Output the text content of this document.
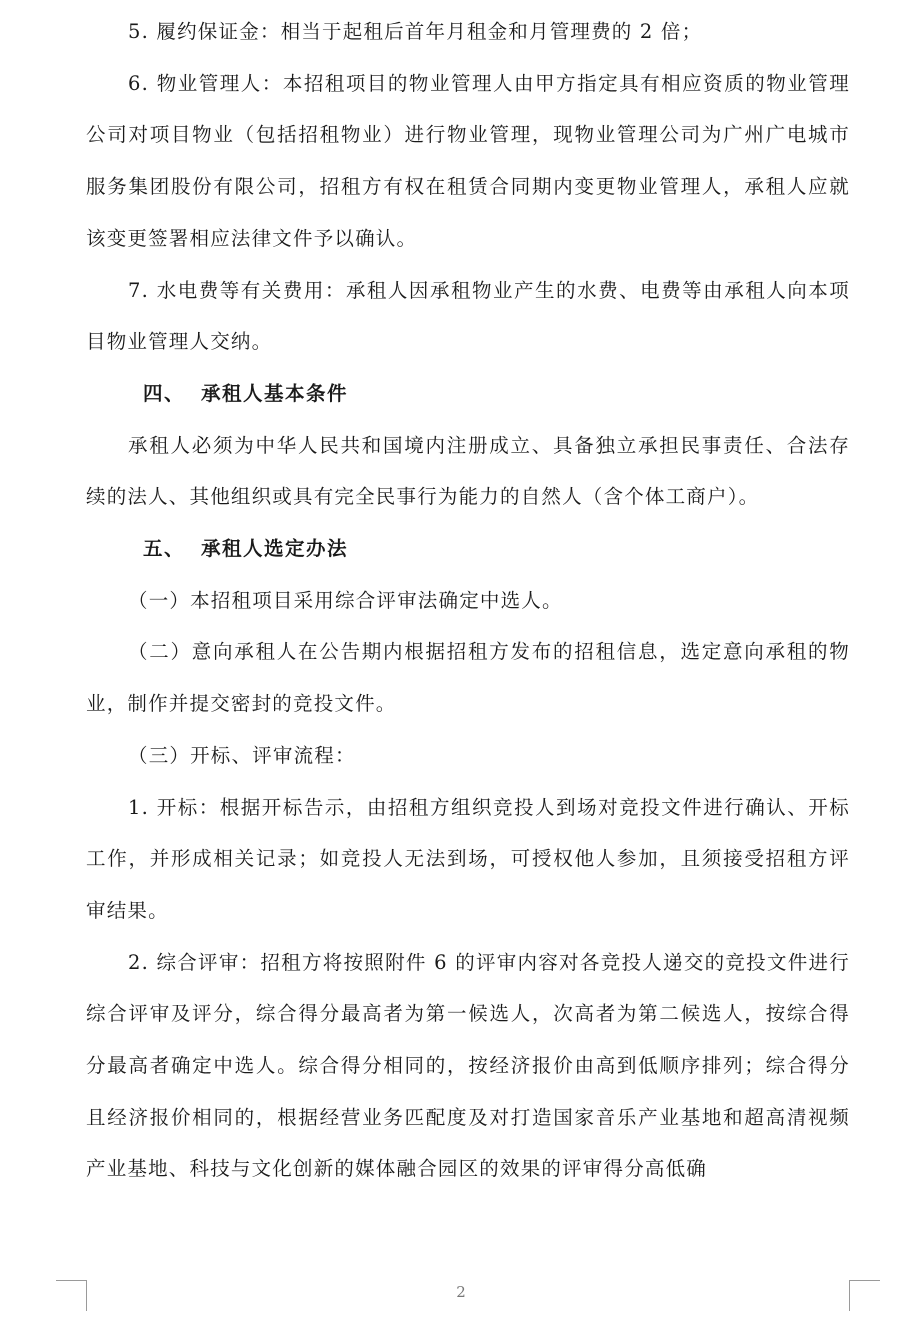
5. 履约保证金：相当于起租后首年月租金和月管理费的 2 倍；

6. 物业管理人：本招租项目的物业管理人由甲方指定具有相应资质的物业管理公司对项目物业（包括招租物业）进行物业管理，现物业管理公司为广州广电城市服务集团股份有限公司，招租方有权在租赁合同期内变更物业管理人，承租人应就该变更签署相应法律文件予以确认。

7. 水电费等有关费用：承租人因承租物业产生的水费、电费等由承租人向本项目物业管理人交纳。

四、 承租人基本条件

承租人必须为中华人民共和国境内注册成立、具备独立承担民事责任、合法存续的法人、其他组织或具有完全民事行为能力的自然人（含个体工商户）。

五、 承租人选定办法

（一）本招租项目采用综合评审法确定中选人。

（二）意向承租人在公告期内根据招租方发布的招租信息，选定意向承租的物业，制作并提交密封的竞投文件。

（三）开标、评审流程：

1. 开标：根据开标告示，由招租方组织竞投人到场对竞投文件进行确认、开标工作，并形成相关记录；如竞投人无法到场，可授权他人参加，且须接受招租方评审结果。

2. 综合评审：招租方将按照附件 6 的评审内容对各竞投人递交的竞投文件进行综合评审及评分，综合得分最高者为第一候选人，次高者为第二候选人，按综合得分最高者确定中选人。综合得分相同的，按经济报价由高到低顺序排列；综合得分且经济报价相同的，根据经营业务匹配度及对打造国家音乐产业基地和超高清视频产业基地、科技与文化创新的媒体融合园区的效果的评审得分高低确

2
